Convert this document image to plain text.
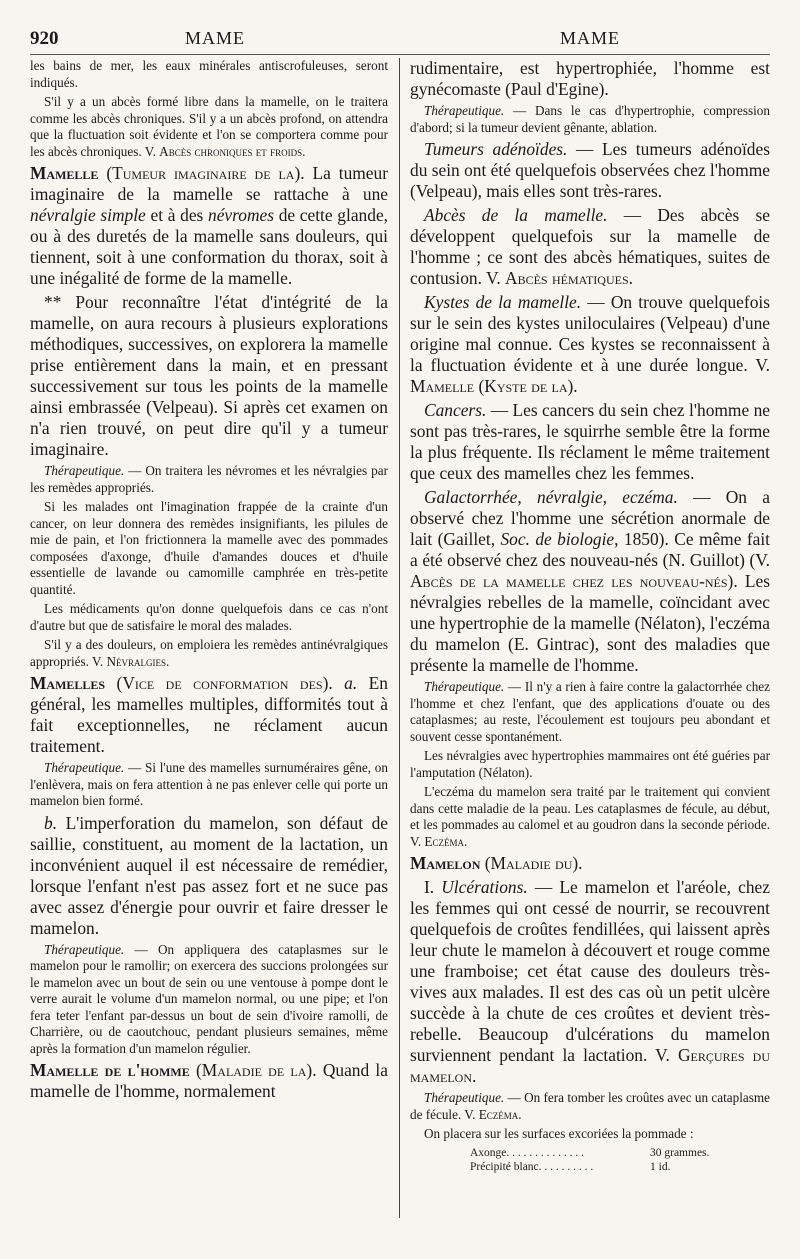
920	MAME	MAME

les bains de mer, les eaux minérales antiscrofuleuses, seront indiqués.

S'il y a un abcès formé libre dans la mamelle, on le traitera comme les abcès chroniques. S'il y a un abcès profond, on attendra que la fluctuation soit évidente et l'on se comportera comme pour les abcès chroniques. V. Abcès chroniques et froids.

Mamelle (Tumeur imaginaire de la). La tumeur imaginaire de la mamelle se rattache à une névralgie simple et à des névromes de cette glande, ou à des duretés de la mamelle sans douleurs, qui tiennent, soit à une conformation du thorax, soit à une inégalité de forme de la mamelle.

** Pour reconnaître l'état d'intégrité de la mamelle, on aura recours à plusieurs explorations méthodiques, successives, on explorera la mamelle prise entièrement dans la main, et en pressant successivement sur tous les points de la mamelle ainsi embrassée (Velpeau). Si après cet examen on n'a rien trouvé, on peut dire qu'il y a tumeur imaginaire.

Thérapeutique. — On traitera les névromes et les névralgies par les remèdes appropriés.

Si les malades ont l'imagination frappée de la crainte d'un cancer, on leur donnera des remèdes insignifiants, les pilules de mie de pain, et l'on frictionnera la mamelle avec des pommades composées d'axonge, d'huile d'amandes douces et d'huile essentielle de lavande ou camomille camphrée en très-petite quantité.

Les médicaments qu'on donne quelquefois dans ce cas n'ont d'autre but que de satisfaire le moral des malades.

S'il y a des douleurs, on emploiera les remèdes antinévralgiques appropriés. V. Névralgies.

Mamelles (Vice de conformation des). a. En général, les mamelles multiples, difformités tout à fait exceptionnelles, ne réclament aucun traitement.

Thérapeutique. — Si l'une des mamelles surnuméraires gêne, on l'enlèvera, mais on fera attention à ne pas enlever celle qui porte un mamelon bien formé.

b. L'imperforation du mamelon, son défaut de saillie, constituent, au moment de la lactation, un inconvénient auquel il est nécessaire de remédier, lorsque l'enfant n'est pas assez fort et ne suce pas avec assez d'énergie pour ouvrir et faire dresser le mamelon.

Thérapeutique. — On appliquera des cataplasmes sur le mamelon pour le ramollir; on exercera des succions prolongées sur le mamelon avec un bout de sein ou une ventouse à pompe dont le verre aurait le volume d'un mamelon normal, ou une pipe; et l'on fera teter l'enfant par-dessus un bout de sein d'ivoire ramolli, de Charrière, ou de caoutchouc, pendant plusieurs semaines, même après la formation d'un mamelon régulier.

Mamelle de l'homme (Maladie de la). Quand la mamelle de l'homme, normalement

rudimentaire, est hypertrophiée, l'homme est gynécomaste (Paul d'Egine).

Thérapeutique. — Dans le cas d'hypertrophie, compression d'abord; si la tumeur devient gênante, ablation.

Tumeurs adénoïdes. — Les tumeurs adénoïdes du sein ont été quelquefois observées chez l'homme (Velpeau), mais elles sont très-rares.

Abcès de la mamelle. — Des abcès se développent quelquefois sur la mamelle de l'homme ; ce sont des abcès hématiques, suites de contusion. V. Abcès hématiques.

Kystes de la mamelle. — On trouve quelquefois sur le sein des kystes uniloculaires (Velpeau) d'une origine mal connue. Ces kystes se reconnaissent à la fluctuation évidente et à une durée longue. V. Mamelle (Kyste de la).

Cancers. — Les cancers du sein chez l'homme ne sont pas très-rares, le squirrhe semble être la forme la plus fréquente. Ils réclament le même traitement que ceux des mamelles chez les femmes.

Galactorrhée, névralgie, eczéma. — On a observé chez l'homme une sécrétion anormale de lait (Gaillet, Soc. de biologie, 1850). Ce même fait a été observé chez des nouveau-nés (N. Guillot) (V. Abcès de la mamelle chez les nouveau-nés). Les névralgies rebelles de la mamelle, coïncidant avec une hypertrophie de la mamelle (Nélaton), l'eczéma du mamelon (E. Gintrac), sont des maladies que présente la mamelle de l'homme.

Thérapeutique. — Il n'y a rien à faire contre la galactorrhée chez l'homme et chez l'enfant, que des applications d'ouate ou des cataplasmes; au reste, l'écoulement est toujours peu abondant et souvent cesse spontanément.

Les névralgies avec hypertrophies mammaires ont été guéries par l'amputation (Nélaton).

L'eczéma du mamelon sera traité par le traitement qui convient dans cette maladie de la peau. Les cataplasmes de fécule, au début, et les pommades au calomel et au goudron dans la seconde période. V. Eczéma.

Mamelon (Maladie du).

I. Ulcérations. — Le mamelon et l'aréole, chez les femmes qui ont cessé de nourrir, se recouvrent quelquefois de croûtes fendillées, qui laissent après leur chute le mamelon à découvert et rouge comme une framboise; cet état cause des douleurs très-vives aux malades. Il est des cas où un petit ulcère succède à la chute de ces croûtes et devient très-rebelle. Beaucoup d'ulcérations du mamelon surviennent pendant la lactation. V. Gerçures du mamelon.

Thérapeutique. — On fera tomber les croûtes avec un cataplasme de fécule. V. Eczéma.

On placera sur les surfaces excoriées la pommade :

Axonge. . . . . . . . . . . . . .	30 grammes.
Précipité blanc. . . . . . . . . .	1 id.
